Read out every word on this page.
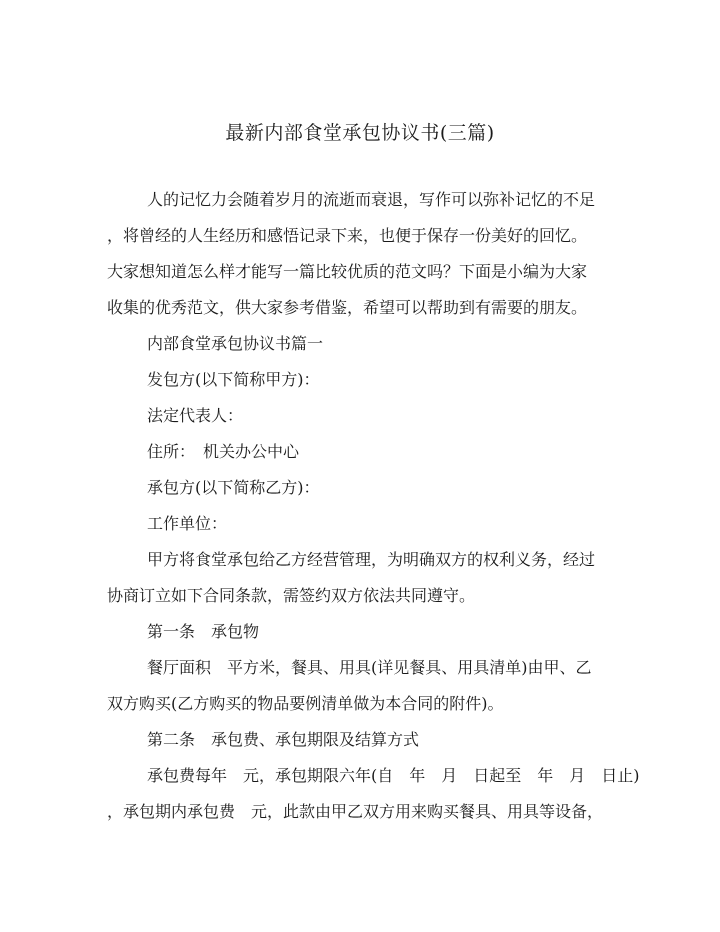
最新内部食堂承包协议书(三篇)
人的记忆力会随着岁月的流逝而衰退，写作可以弥补记忆的不足
，将曾经的人生经历和感悟记录下来，也便于保存一份美好的回忆。
大家想知道怎么样才能写一篇比较优质的范文吗？下面是小编为大家
收集的优秀范文，供大家参考借鉴，希望可以帮助到有需要的朋友。
内部食堂承包协议书篇一
发包方(以下简称甲方)：
法定代表人：
住所：　机关办公中心
承包方(以下简称乙方)：
工作单位：
甲方将食堂承包给乙方经营管理，为明确双方的权利义务，经过
协商订立如下合同条款，需签约双方依法共同遵守。
第一条　承包物
餐厅面积　平方米，餐具、用具(详见餐具、用具清单)由甲、乙
双方购买(乙方购买的物品要例清单做为本合同的附件)。
第二条　承包费、承包期限及结算方式
承包费每年　元，承包期限六年(自　年　月　日起至　年　月　日止)
，承包期内承包费　元，此款由甲乙双方用来购买餐具、用具等设备，
